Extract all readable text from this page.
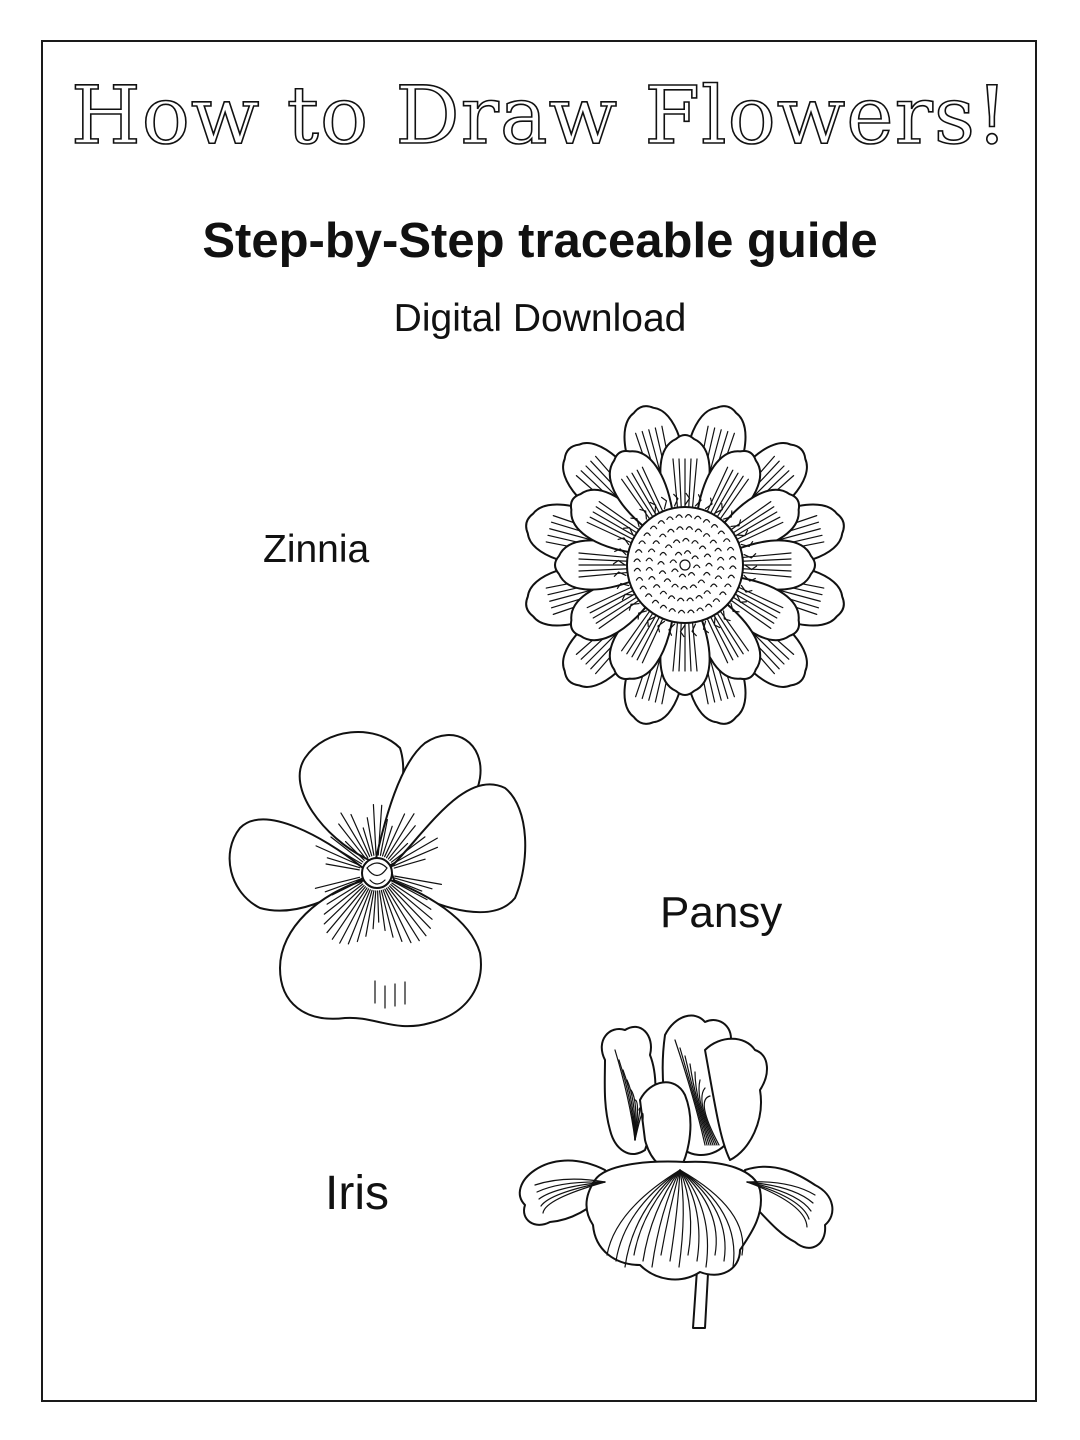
How to Draw Flowers!
Step-by-Step traceable guide
Digital Download
Zinnia
Pansy
Iris
